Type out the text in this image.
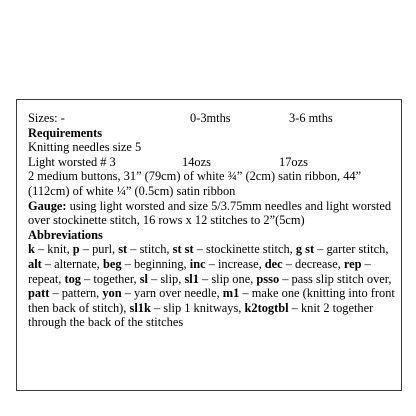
Sizes: -	0-3mths	3-6 mths
Requirements
Knitting needles size 5
Light worsted # 3	14ozs	17ozs

2 medium buttons, 31” (79cm) of white ¾” (2cm) satin ribbon, 44” (112cm) of white ¼” (0.5cm) satin ribbon

Gauge: using light worsted and size 5/3.75mm needles and light worsted over stockinette stitch, 16 rows x 12 stitches to 2”(5cm)

Abbreviations

k – knit, p – purl, st – stitch, st st – stockinette stitch, g st – garter stitch, alt – alternate, beg – beginning, inc – increase, dec – decrease, rep – repeat, tog – together, sl – slip, sl1 – slip one, psso – pass slip stitch over, patt – pattern, yon – yarn over needle, m1 – make one (knitting into front then back of stitch), sl1k – slip 1 knitways, k2togtbl – knit 2 together through the back of the stitches
